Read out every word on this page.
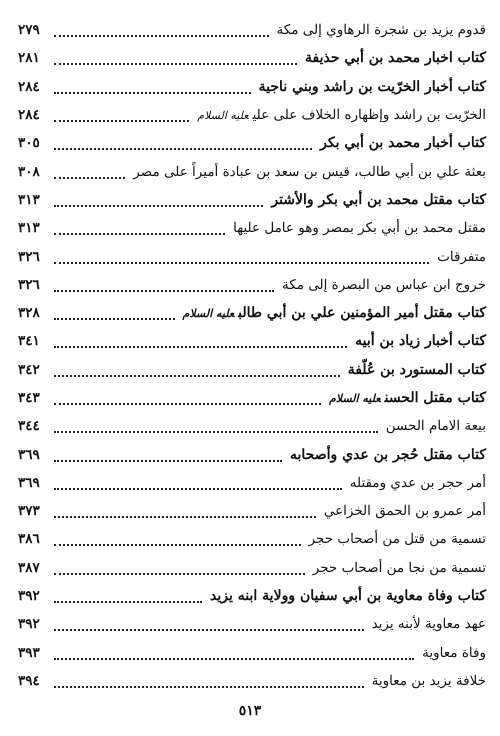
قدوم يزيد بن شجرة الرهاوي إلى مكة
٢٧٩
كتاب اخبار محمد بن أبي حذيفة
٢٨١
كتاب أخبار الخرّيت بن راشد وبني ناجية
٢٨٤
الخرّيت بن راشد وإظهاره الخلاف على عليعليه السلام
٢٨٤
كتاب أخبار محمد بن أبي بكر
٣٠٥
بعثة علي بن أبي طالب، قيس بن سعد بن عبادة أميراً على مصر
٣٠٨
كتاب مقتل محمد بن أبي بكر والأشتر
٣١٣
مقتل محمد بن أبي بكر بمصر وهو عامل عليها
٣١٣
متفرقات
٣٢٦
خروج ابن عباس من البصرة إلى مكة
٣٢٦
كتاب مقتل أمير المؤمنين علي بن أبي طالبعليه السلام
٣٢٨
كتاب أخبار زياد بن أبيه
٣٤١
كتاب المستورد بن عُلّفة
٣٤٢
كتاب مقتل الحسنعليه السلام
٣٤٣
بيعة الامام الحسن
٣٤٤
كتاب مقتل حُجر بن عدي وأصحابه
٣٦٩
أمر حجر بن عدي ومقتله
٣٦٩
أمر عمرو بن الحمق الخزاعي
٣٧٣
تسمية من قتل من أصحاب حجر
٣٨٦
تسمية من نجا من أصحاب حجر
٣٨٧
كتاب وفاة معاوية بن أبي سفيان وولاية ابنه يزيد
٣٩٢
عهد معاوية لأبنه يزيد
٣٩٢
وفاة معاوية
٣٩٣
خلافة يزيد بن معاوية
٣٩٤
٥١٣
